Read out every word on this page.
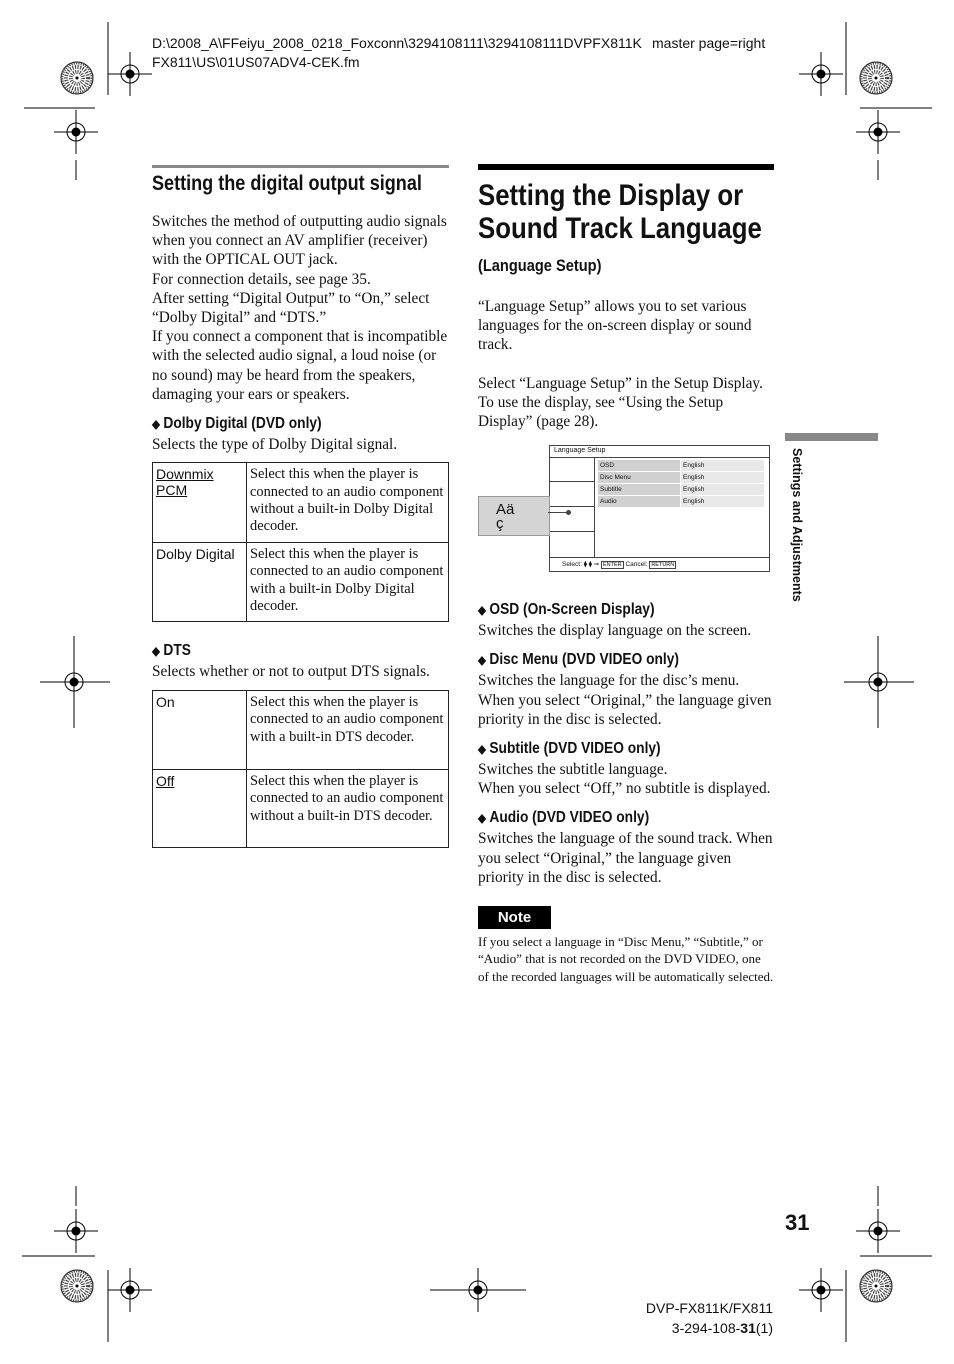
D:\2008_A\FFeiyu_2008_0218_Foxconn\3294108111\3294108111DVPFX811K master page=right
FX811\US\01US07ADV4-CEK.fm
Setting the digital output signal

Switches the method of outputting audio signals when you connect an AV amplifier (receiver) with the OPTICAL OUT jack.

For connection details, see page 35.

After setting “Digital Output” to “On,” select “Dolby Digital” and “DTS.”

If you connect a component that is incompatible with the selected audio signal, a loud noise (or no sound) may be heard from the speakers, damaging your ears or speakers.

◆ Dolby Digital (DVD only)

Selects the type of Dolby Digital signal.

Downmix PCM	Select this when the player is connected to an audio component without a built-in Dolby Digital decoder.
Dolby Digital	Select this when the player is connected to an audio component with a built-in Dolby Digital decoder.
◆ DTS

Selects whether or not to output DTS signals.

On	Select this when the player is connected to an audio component with a built-in DTS decoder.
Off	Select this when the player is connected to an audio component without a built-in DTS decoder.
Setting the Display or
Sound Track Language
(Language Setup)

“Language Setup” allows you to set various languages for the on-screen display or sound track.

Select “Language Setup” in the Setup Display. To use the display, see “Using the Setup Display” (page 28).

Language Setup
Aä ç
OSD	English
Disc Menu	English
Subtitle	English
Audio	English
Select: ⧫ ⧫ ➞ ENTER Cancel: RETURN
◆ OSD (On-Screen Display)

Switches the display language on the screen.

◆ Disc Menu (DVD VIDEO only)

Switches the language for the disc’s menu. When you select “Original,” the language given priority in the disc is selected.

◆ Subtitle (DVD VIDEO only)

Switches the subtitle language.
When you select “Off,” no subtitle is displayed.

◆ Audio (DVD VIDEO only)

Switches the language of the sound track. When you select “Original,” the language given priority in the disc is selected.

Note

If you select a language in “Disc Menu,” “Subtitle,” or “Audio” that is not recorded on the DVD VIDEO, one of the recorded languages will be automatically selected.

Settings and Adjustments
31
DVP-FX811K/FX811
3-294-108-31(1)
